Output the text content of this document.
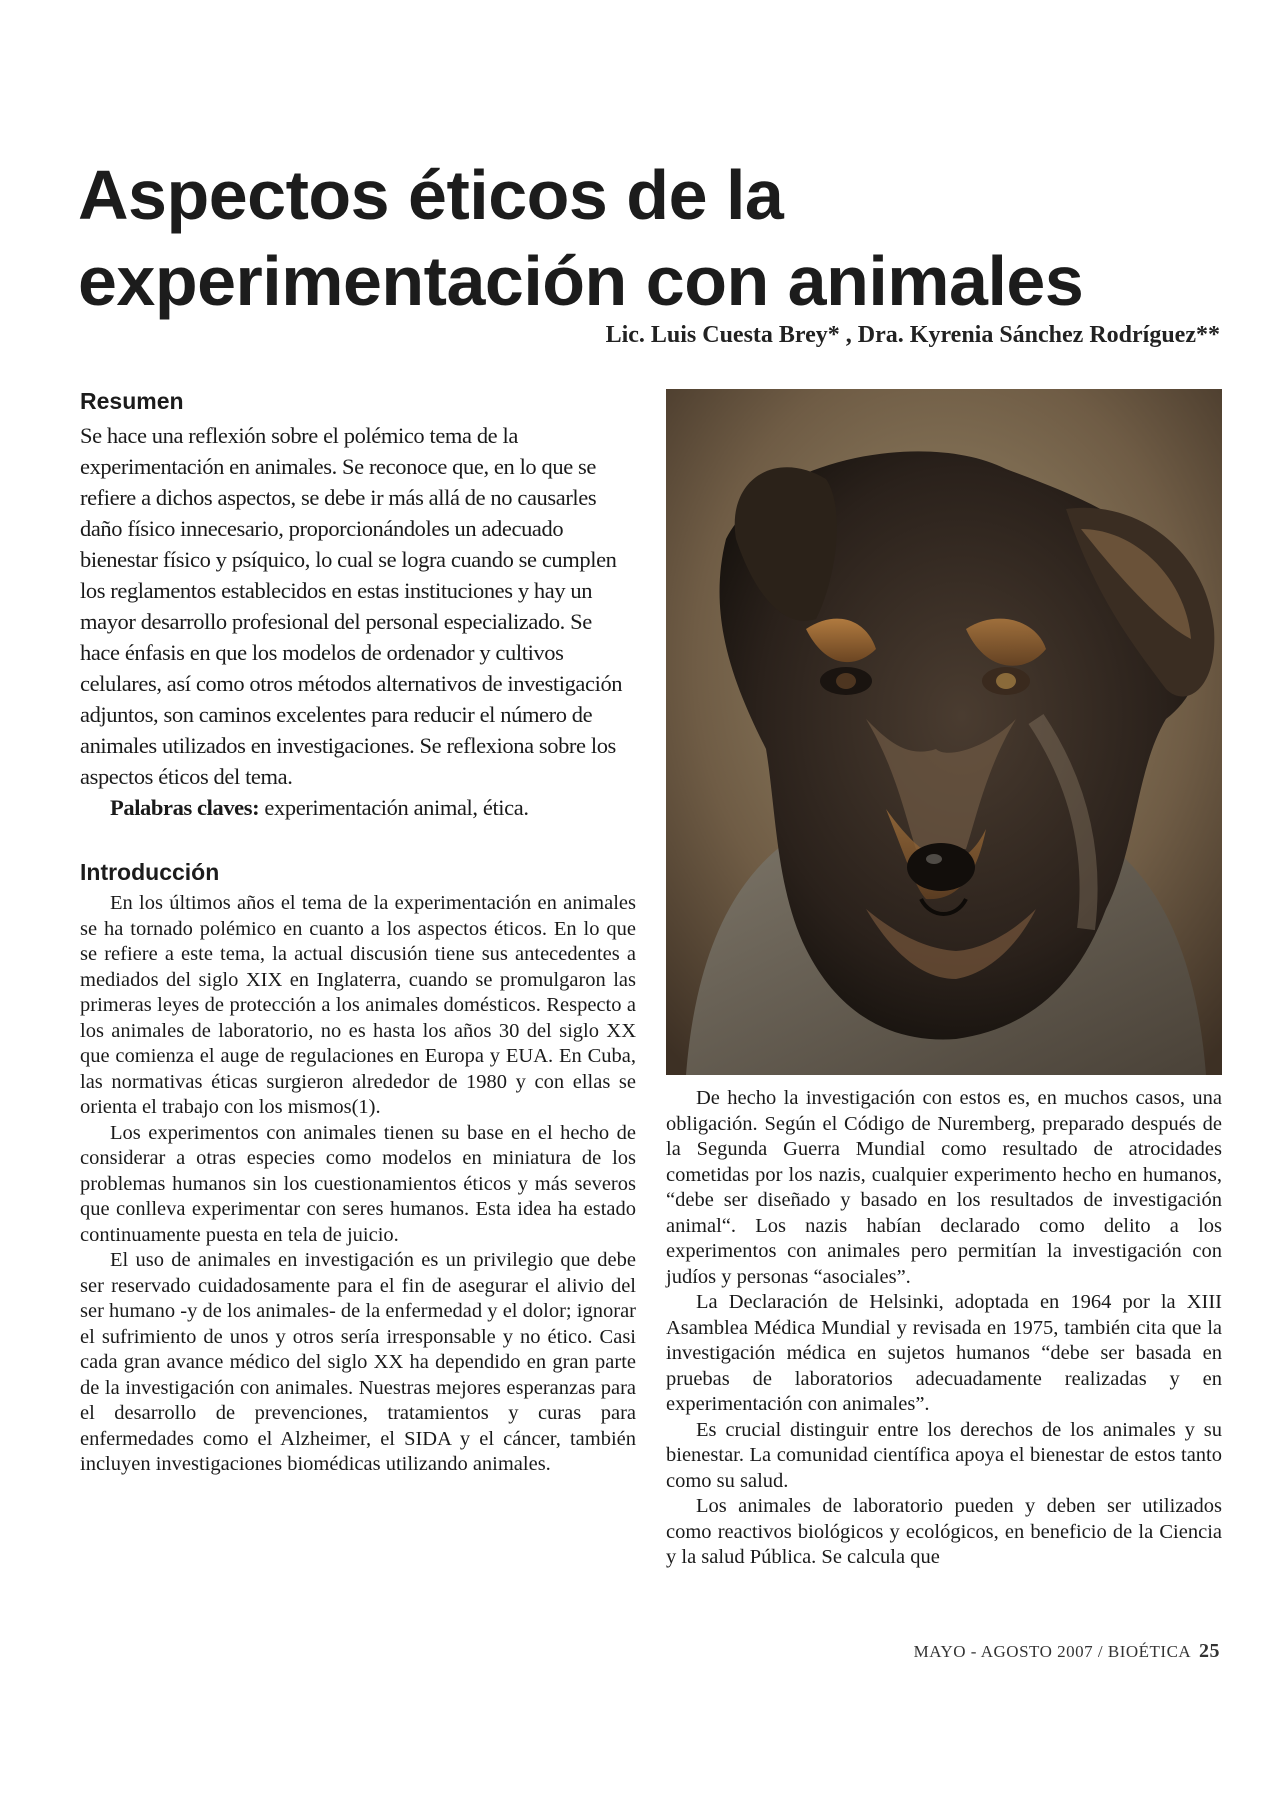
Aspectos éticos de la experimentación con animales

Lic. Luis Cuesta Brey* , Dra. Kyrenia Sánchez Rodríguez**

Resumen

Se hace una reflexión sobre el polémico tema de la experimentación en animales. Se reconoce que, en lo que se refiere a dichos aspectos, se debe ir más allá de no causarles daño físico innecesario, proporcionándoles un adecuado bienestar físico y psíquico, lo cual se logra cuando se cumplen los reglamentos establecidos en estas instituciones y hay un mayor desarrollo profesional del personal especializado. Se hace énfasis en que los modelos de ordenador y cultivos celulares, así como otros métodos alternativos de investigación adjuntos, son caminos excelentes para reducir el número de animales utilizados en investigaciones. Se reflexiona sobre los aspectos éticos del tema.

Palabras claves: experimentación animal, ética.

Introducción

En los últimos años el tema de la experimentación en animales se ha tornado polémico en cuanto a los aspectos éticos. En lo que se refiere a este tema, la actual discusión tiene sus antecedentes a mediados del siglo XIX en Inglaterra, cuando se promulgaron las primeras leyes de protección a los animales domésticos. Respecto a los animales de laboratorio, no es hasta los años 30 del siglo XX que comienza el auge de regulaciones en Europa y EUA. En Cuba, las normativas éticas surgieron alrededor de 1980 y con ellas se orienta el trabajo con los mismos(1).

Los experimentos con animales tienen su base en el hecho de considerar a otras especies como modelos en miniatura de los problemas humanos sin los cuestionamientos éticos y más severos que conlleva experimentar con seres humanos. Esta idea ha estado continuamente puesta en tela de juicio.

El uso de animales en investigación es un privilegio que debe ser reservado cuidadosamente para el fin de asegurar el alivio del ser humano -y de los animales- de la enfermedad y el dolor; ignorar el sufrimiento de unos y otros sería irresponsable y no ético. Casi cada gran avance médico del siglo XX ha dependido en gran parte de la investigación con animales. Nuestras mejores esperanzas para el desarrollo de prevenciones, tratamientos y curas para enfermedades como el Alzheimer, el SIDA y el cáncer, también incluyen investigaciones biomédicas utilizando animales.

De hecho la investigación con estos es, en muchos casos, una obligación. Según el Código de Nuremberg, preparado después de la Segunda Guerra Mundial como resultado de atrocidades cometidas por los nazis, cualquier experimento hecho en humanos, “debe ser diseñado y basado en los resultados de investigación animal“. Los nazis habían declarado como delito a los experimentos con animales pero permitían la investigación con judíos y personas “asociales”.

La Declaración de Helsinki, adoptada en 1964 por la XIII Asamblea Médica Mundial y revisada en 1975, también cita que la investigación médica en sujetos humanos “debe ser basada en pruebas de laboratorios adecuadamente realizadas y en experimentación con animales”.

Es crucial distinguir entre los derechos de los animales y su bienestar. La comunidad científica apoya el bienestar de estos tanto como su salud.

Los animales de laboratorio pueden y deben ser utilizados como reactivos biológicos y ecológicos, en beneficio de la Ciencia y la salud Pública. Se calcula que

MAYO - AGOSTO 2007 / BIOÉTICA 25
